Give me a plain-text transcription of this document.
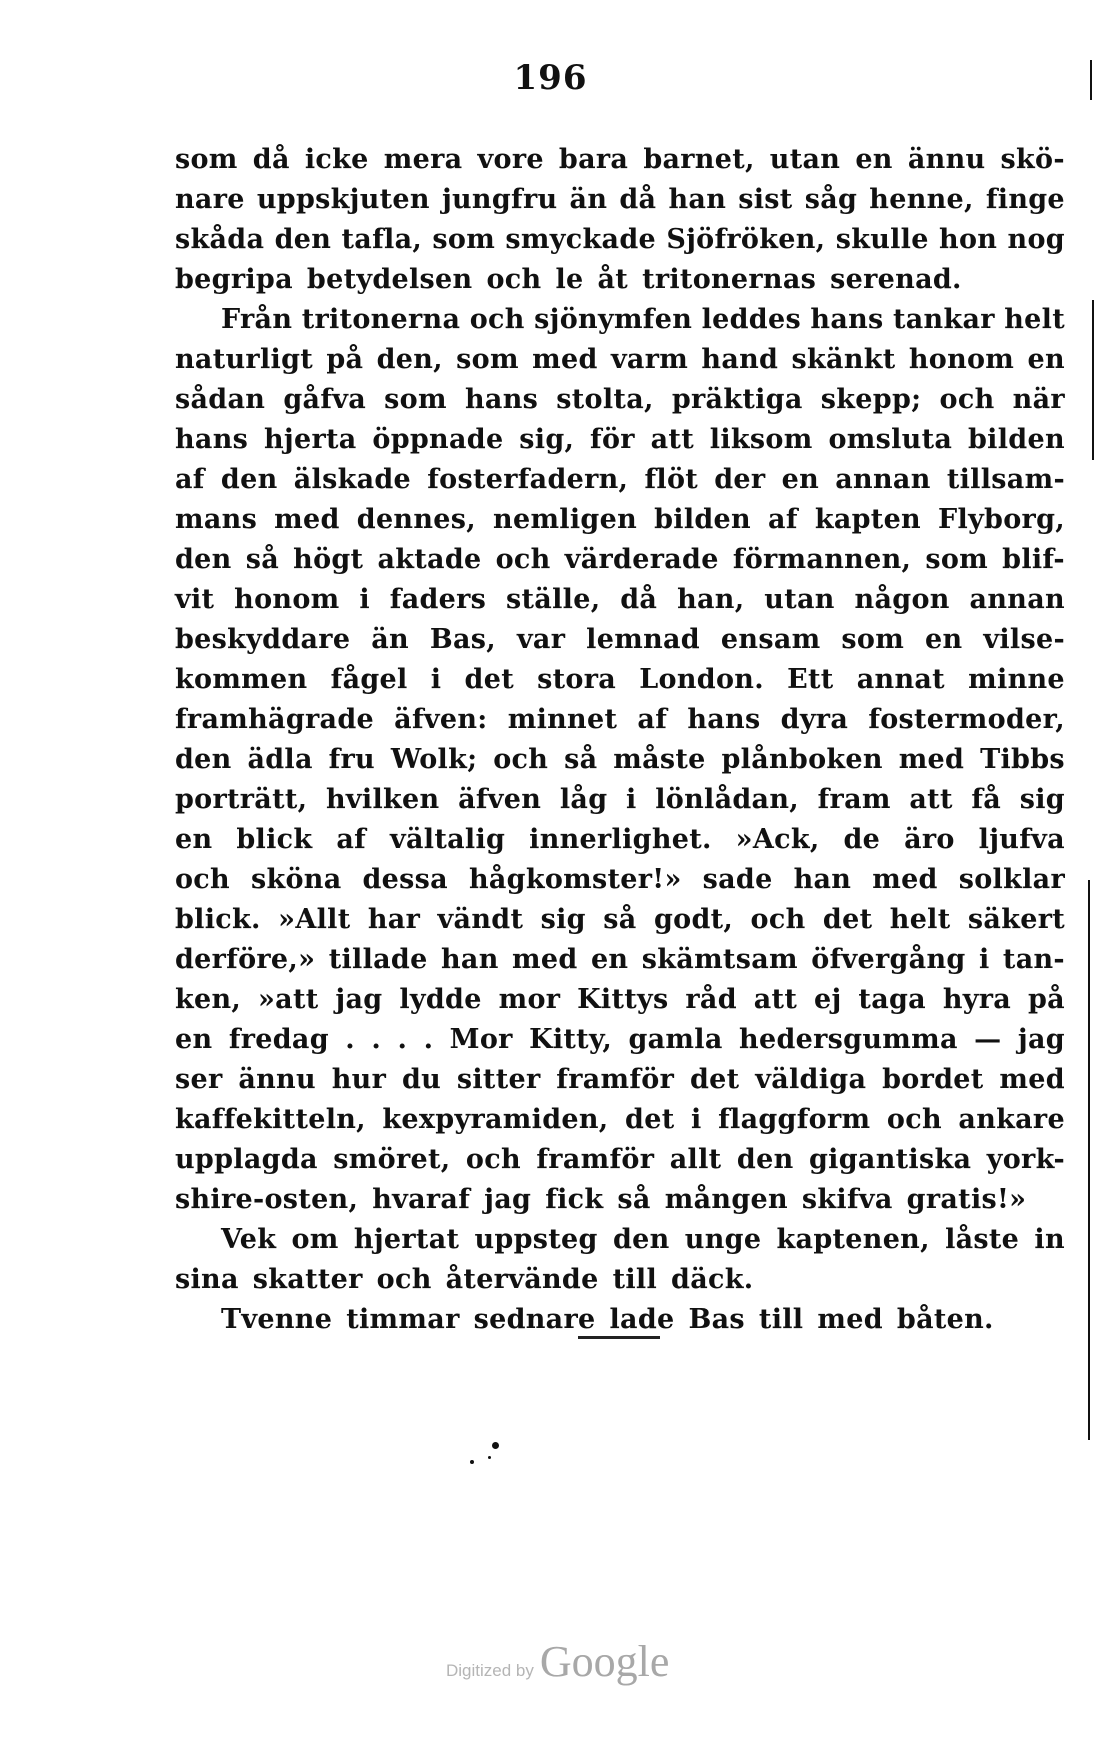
196
som då icke mera vore bara barnet, utan en ännu skö-
nare uppskjuten jungfru än då han sist såg henne, finge
skåda den tafla, som smyckade Sjöfröken, skulle hon nog
begripa betydelsen och le åt tritonernas serenad.
Från tritonerna och sjönymfen leddes hans tankar helt
naturligt på den, som med varm hand skänkt honom en
sådan gåfva som hans stolta, präktiga skepp; och när
hans hjerta öppnade sig, för att liksom omsluta bilden
af den älskade fosterfadern, flöt der en annan tillsam-
mans med dennes, nemligen bilden af kapten Flyborg,
den så högt aktade och värderade förmannen, som blif-
vit honom i faders ställe, då han, utan någon annan
beskyddare än Bas, var lemnad ensam som en vilse-
kommen fågel i det stora London. Ett annat minne
framhägrade äfven: minnet af hans dyra fostermoder,
den ädla fru Wolk; och så måste plånboken med Tibbs
porträtt, hvilken äfven låg i lönlådan, fram att få sig
en blick af vältalig innerlighet. »Ack, de äro ljufva
och sköna dessa hågkomster!» sade han med solklar
blick. »Allt har vändt sig så godt, och det helt säkert
derföre,» tillade han med en skämtsam öfvergång i tan-
ken, »att jag lydde mor Kittys råd att ej taga hyra på
en fredag . . . . Mor Kitty, gamla hedersgumma — jag
ser ännu hur du sitter framför det väldiga bordet med
kaffekitteln, kexpyramiden, det i flaggform och ankare
upplagda smöret, och framför allt den gigantiska york-
shire-osten, hvaraf jag fick så mången skifva gratis!»
Vek om hjertat uppsteg den unge kaptenen, låste in
sina skatter och återvände till däck.
Tvenne timmar sednare lade Bas till med båten.
Digitized by Google
